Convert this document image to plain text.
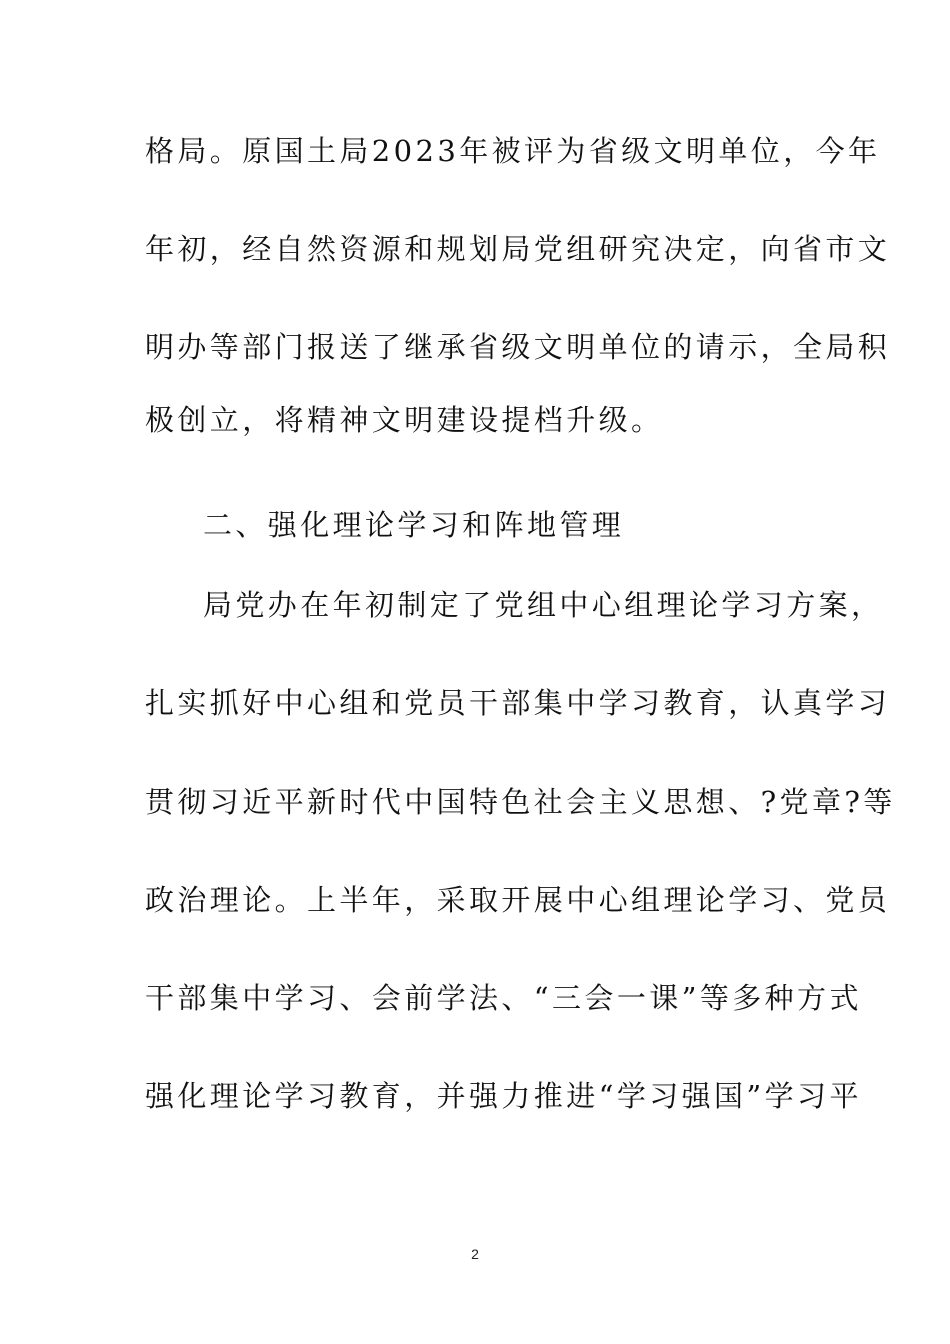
格局。原国土局2023年被评为省级文明单位，今年
年初，经自然资源和规划局党组研究决定，向省市文
明办等部门报送了继承省级文明单位的请示，全局积
极创立，将精神文明建设提档升级。
二、强化理论学习和阵地管理
局党办在年初制定了党组中心组理论学习方案，
扎实抓好中心组和党员干部集中学习教育，认真学习
贯彻习近平新时代中国特色社会主义思想、?党章?等
政治理论。上半年，采取开展中心组理论学习、党员
干部集中学习、会前学法、“三会一课”等多种方式
强化理论学习教育，并强力推进“学习强国”学习平
2
